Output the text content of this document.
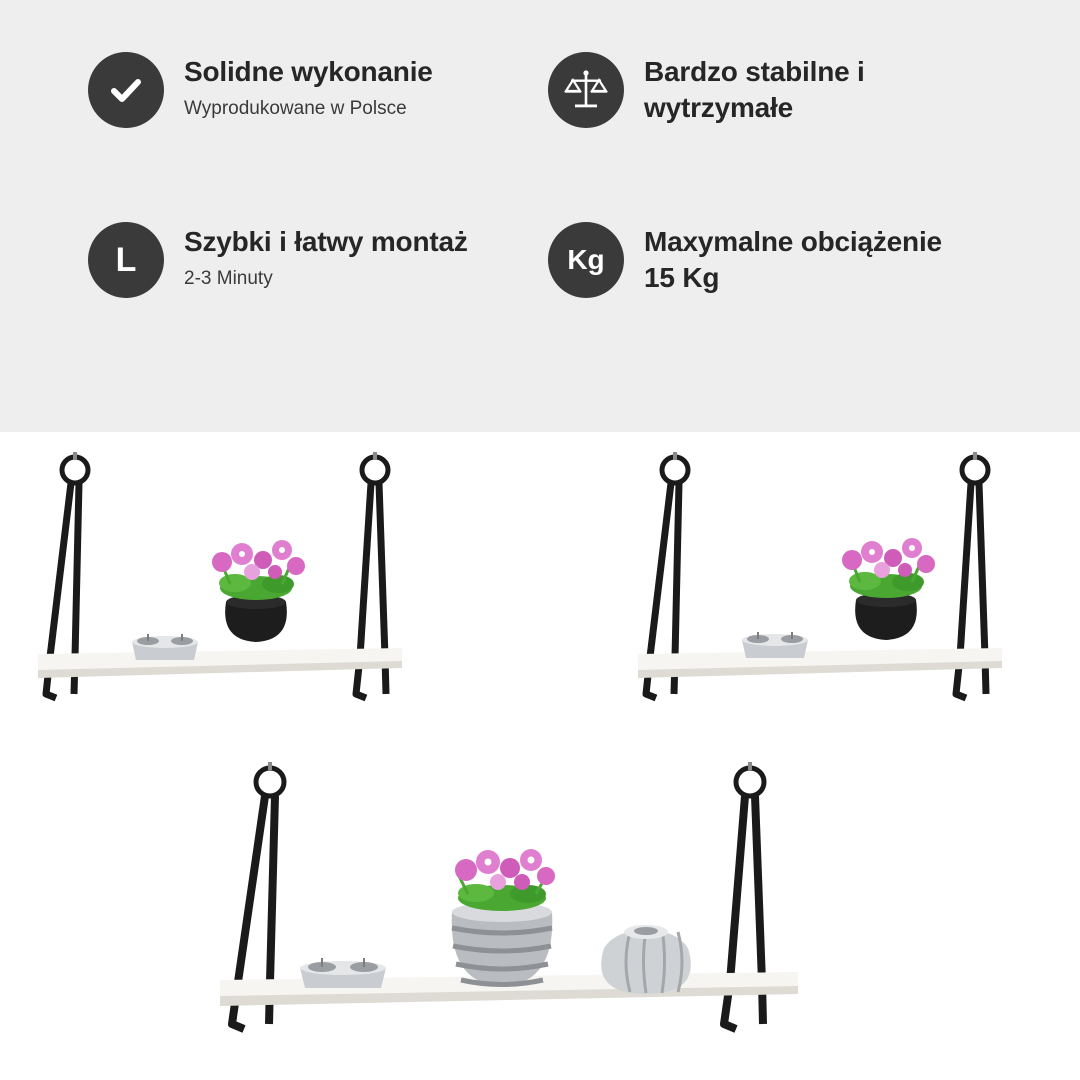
Solidne wykonanie
Wyprodukowane w Polsce
Bardzo stabilne i wytrzymałe
L Szybki i łatwy montaż
2-3 Minuty
Kg
Maxymalne obciążenie 15 Kg
